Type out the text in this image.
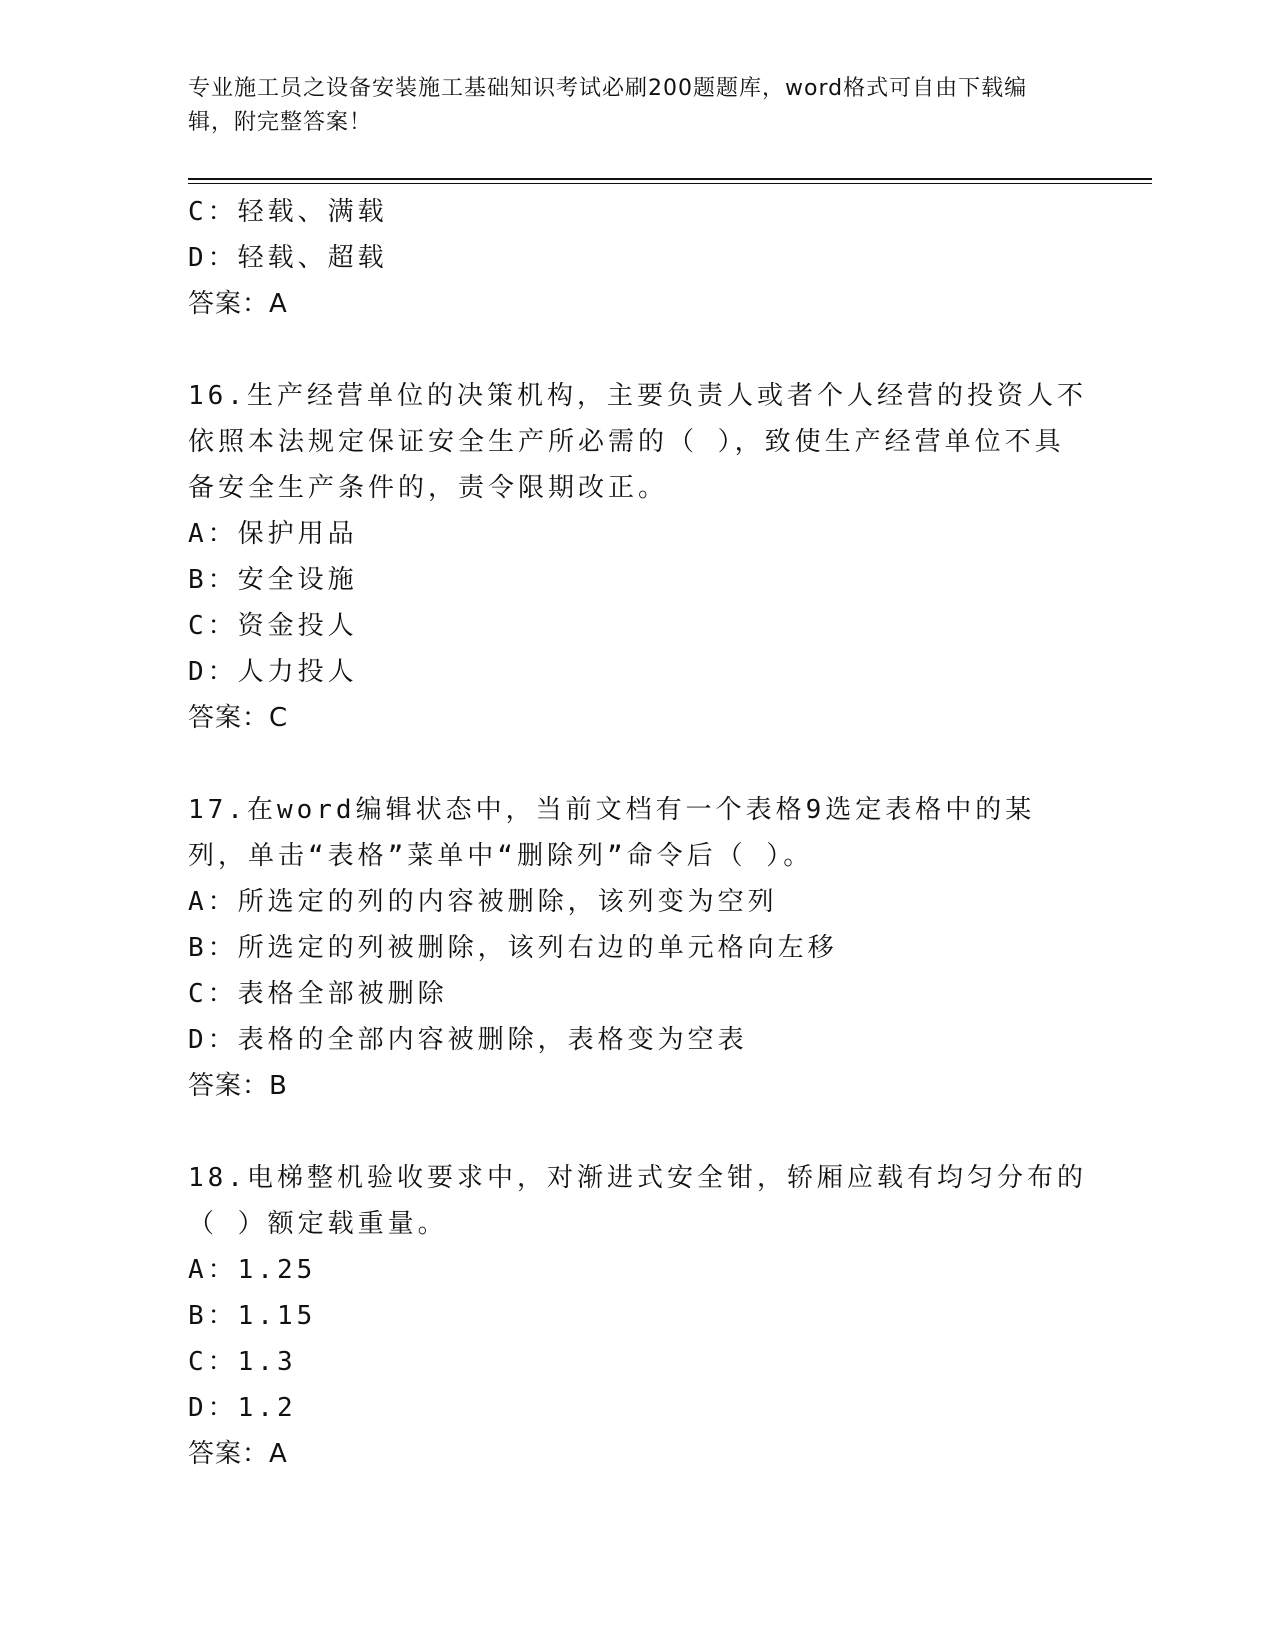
专业施工员之设备安装施工基础知识考试必刷200题题库，word格式可自由下载编辑，附完整答案！
C：轻载、满载
D：轻载、超载
答案：A
16.生产经营单位的决策机构，主要负责人或者个人经营的投资人不依照本法规定保证安全生产所必需的（ ），致使生产经营单位不具备安全生产条件的，责令限期改正。
A：保护用品
B：安全设施
C：资金投人
D：人力投人
答案：C
17.在word编辑状态中，当前文档有一个表格9选定表格中的某列，单击“表格”菜单中“删除列”命令后（ ）。
A：所选定的列的内容被删除，该列变为空列
B：所选定的列被删除，该列右边的单元格向左移
C：表格全部被删除
D：表格的全部内容被删除，表格变为空表
答案：B
18.电梯整机验收要求中，对渐进式安全钳，轿厢应载有均匀分布的（ ）额定载重量。
A：1.25
B：1.15
C：1.3
D：1.2
答案：A
